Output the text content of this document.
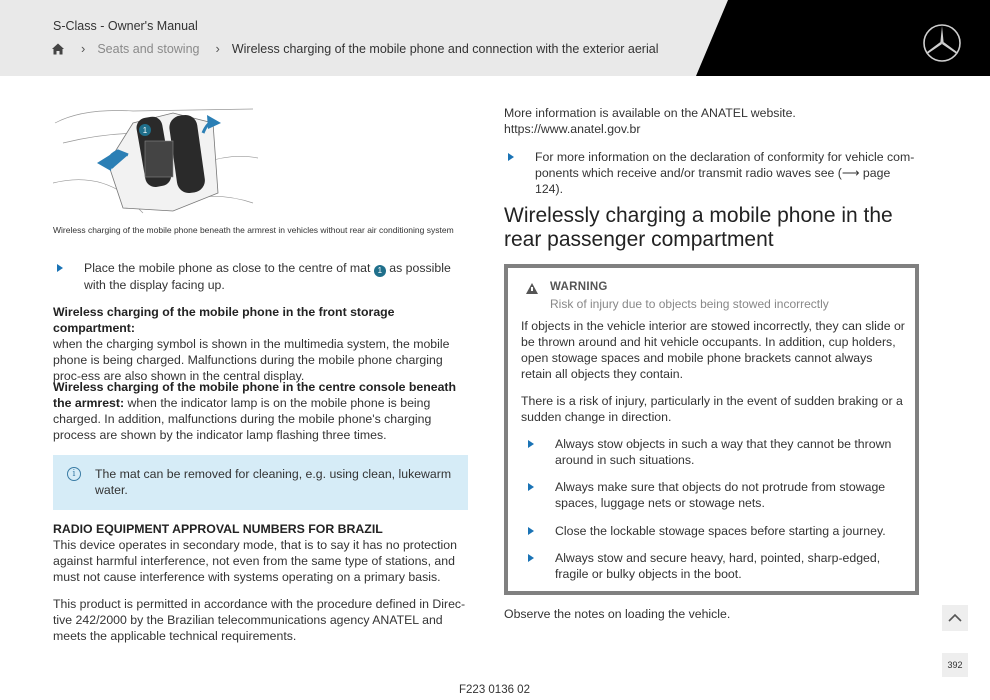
S-Class - Owner's Manual
› Seats and stowing › Wireless charging of the mobile phone and connection with the exterior aerial
1
Wireless charging of the mobile phone beneath the armrest in vehicles without rear air conditioning system
Place the mobile phone as close to the centre of mat 1 as possible with the display facing up.
Wireless charging of the mobile phone in the front storage compartment:
when the charging symbol is shown in the multimedia system, the mobile phone is being charged. Malfunctions during the mobile phone charging proc-ess are also shown in the central display.
Wireless charging of the mobile phone in the centre console beneath the armrest: when the indicator lamp is on the mobile phone is being charged. In addition, malfunctions during the mobile phone's charging process are shown by the indicator lamp flashing three times.
i	The mat can be removed for cleaning, e.g. using clean, lukewarm water.
RADIO EQUIPMENT APPROVAL NUMBERS FOR BRAZIL
This device operates in secondary mode, that is to say it has no protection against harmful interference, not even from the same type of stations, and must not cause interference with systems operating on a primary basis.
This product is permitted in accordance with the procedure defined in Direc-tive 242/2000 by the Brazilian telecommunications agency ANATEL and meets the applicable technical requirements.
More information is available on the ANATEL website. https://www.anatel.gov.br
For more information on the declaration of conformity for vehicle com-ponents which receive and/or transmit radio waves see (⟶ page 124).
Wirelessly charging a mobile phone in the rear passenger compartment
WARNING
Risk of injury due to objects being stowed incorrectly
If objects in the vehicle interior are stowed incorrectly, they can slide or be thrown around and hit vehicle occupants. In addition, cup holders, open stowage spaces and mobile phone brackets cannot always retain all objects they contain.
There is a risk of injury, particularly in the event of sudden braking or a sudden change in direction.
Always stow objects in such a way that they cannot be thrown around in such situations.
Always make sure that objects do not protrude from stowage spaces, luggage nets or stowage nets.
Close the lockable stowage spaces before starting a journey.
Always stow and secure heavy, hard, pointed, sharp-edged, fragile or bulky objects in the boot.
Observe the notes on loading the vehicle.
392
F223 0136 02
